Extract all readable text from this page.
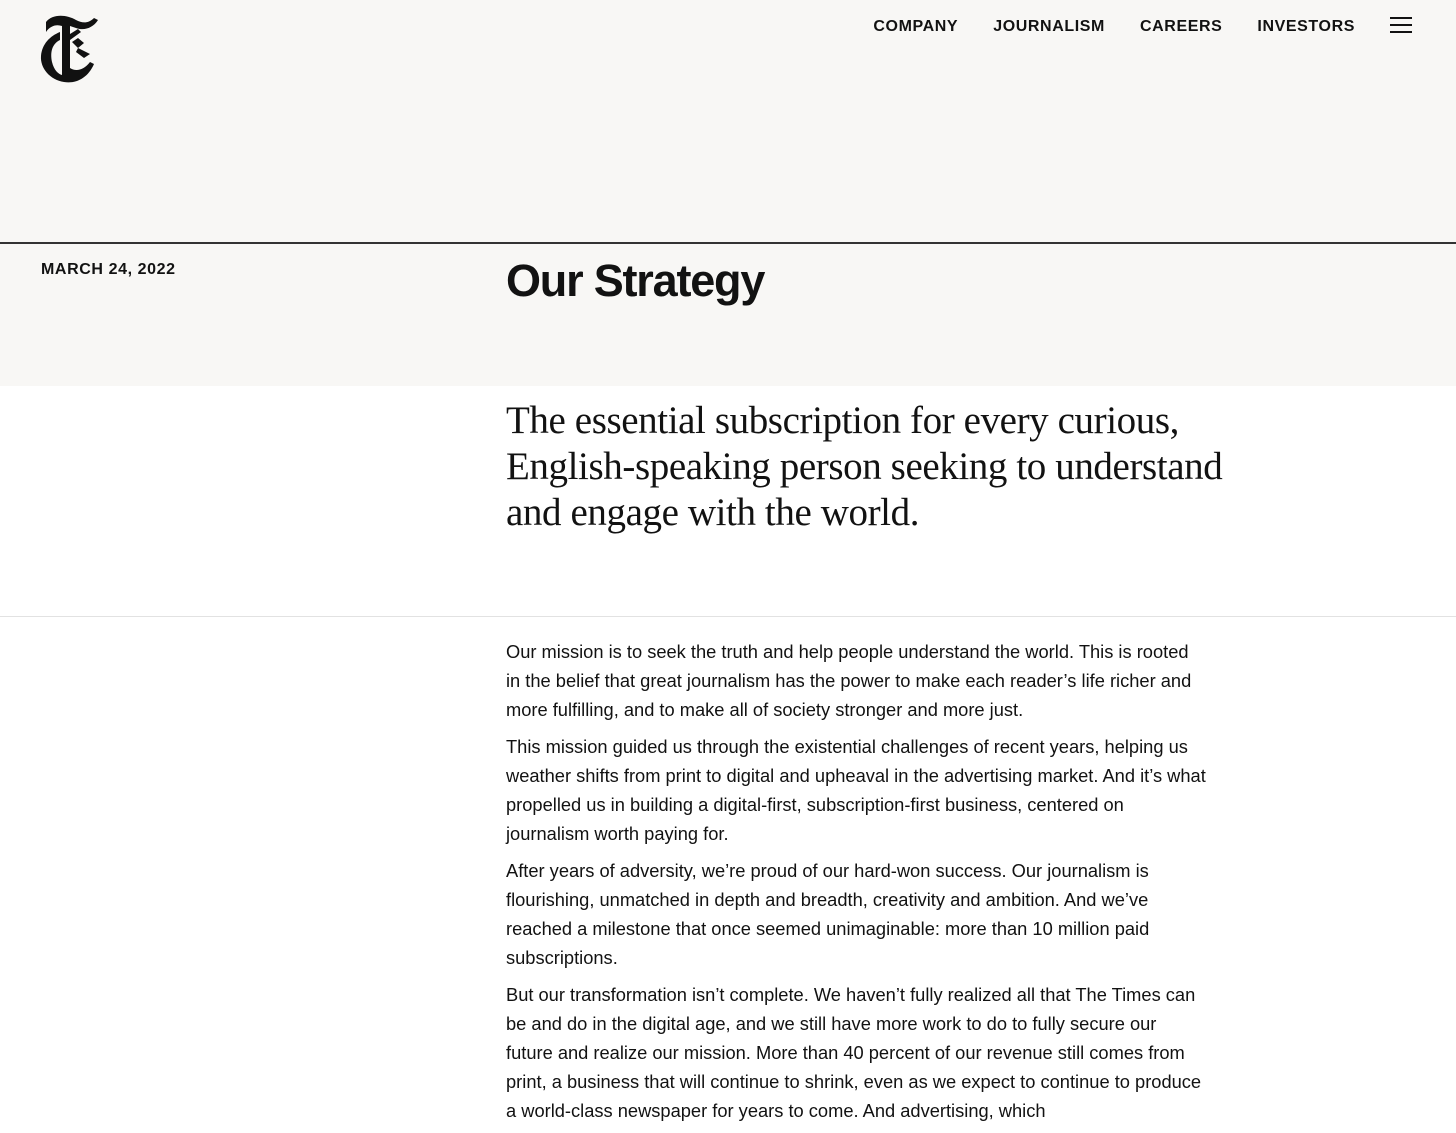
COMPANY JOURNALISM CAREERS INVESTORS
MARCH 24, 2022	Our Strategy

The essential subscription for every curious, English-speaking person seeking to understand and engage with the world.

Our mission is to seek the truth and help people understand the world. This is rooted in the belief that great journalism has the power to make each reader’s life richer and more fulfilling, and to make all of society stronger and more just.

This mission guided us through the existential challenges of recent years, helping us weather shifts from print to digital and upheaval in the advertising market. And it’s what propelled us in building a digital-first, subscription-first business, centered on journalism worth paying for.

After years of adversity, we’re proud of our hard-won success. Our journalism is flourishing, unmatched in depth and breadth, creativity and ambition. And we’ve reached a milestone that once seemed unimaginable: more than 10 million paid subscriptions.

But our transformation isn’t complete. We haven’t fully realized all that The Times can be and do in the digital age, and we still have more work to do to fully secure our future and realize our mission. More than 40 percent of our revenue still comes from print, a business that will continue to shrink, even as we expect to continue to produce a world-class newspaper for years to come. And advertising, which
